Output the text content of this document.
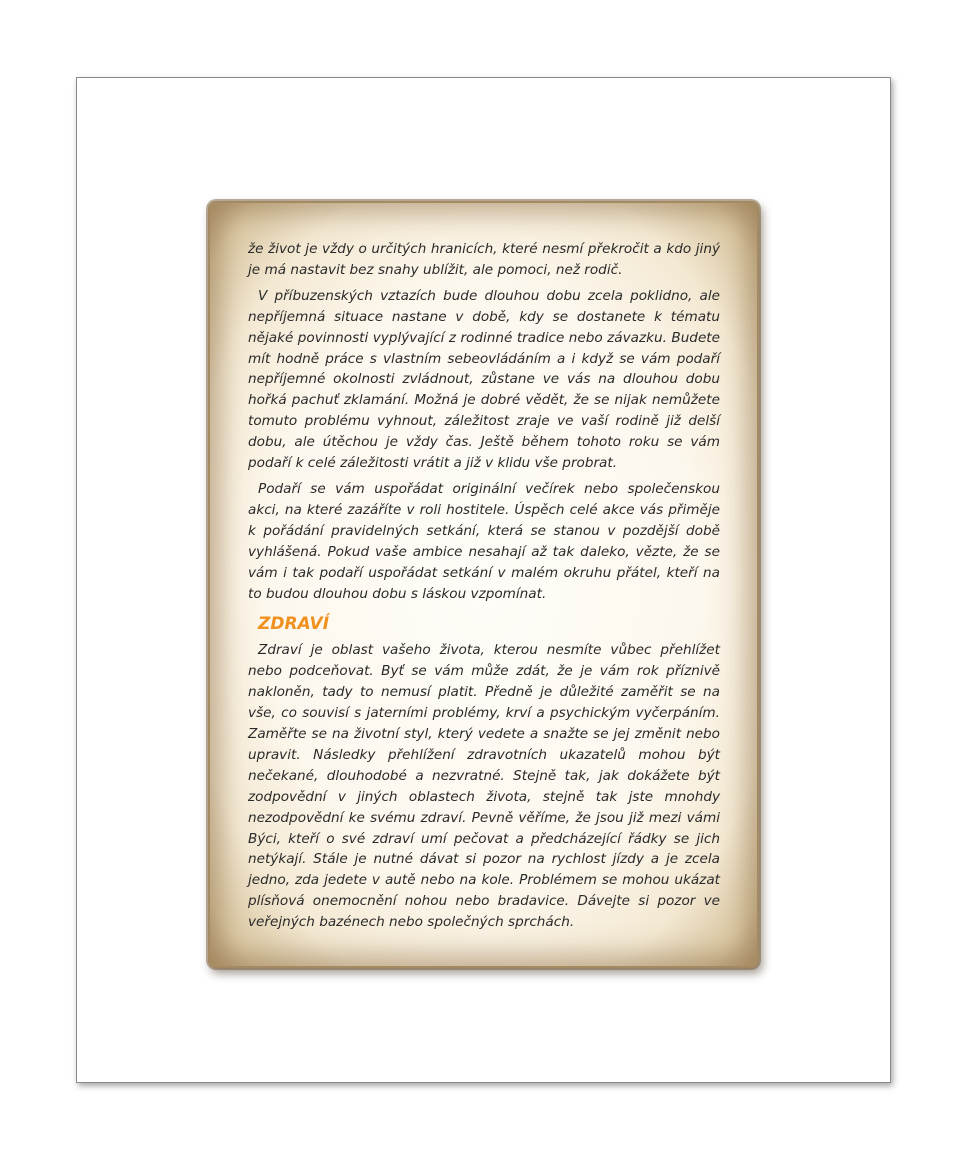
že život je vždy o určitých hranicích, které nesmí překročit a kdo jiný je má nastavit bez snahy ublížit, ale pomoci, než rodič.

V příbuzenských vztazích bude dlouhou dobu zcela poklidno, ale nepříjemná situace nastane v době, kdy se dostanete k tématu nějaké povinnosti vyplývající z rodinné tradice nebo závazku. Budete mít hodně práce s vlastním sebeovládáním a i když se vám podaří nepříjemné okolnosti zvládnout, zůstane ve vás na dlouhou dobu hořká pachuť zklamání. Možná je dobré vědět, že se nijak nemůžete tomuto problému vyhnout, záležitost zraje ve vaší rodině již delší dobu, ale útěchou je vždy čas. Ještě během tohoto roku se vám podaří k celé záležitosti vrátit a již v klidu vše probrat.

Podaří se vám uspořádat originální večírek nebo společenskou akci, na které zazáříte v roli hostitele. Úspěch celé akce vás přiměje k pořádání pravidelných setkání, která se stanou v pozdější době vyhlášená. Pokud vaše ambice nesahají až tak daleko, vězte, že se vám i tak podaří uspořádat setkání v malém okruhu přátel, kteří na to budou dlouhou dobu s láskou vzpomínat.

ZDRAVÍ

Zdraví je oblast vašeho života, kterou nesmíte vůbec přehlížet nebo podceňovat. Byť se vám může zdát, že je vám rok příznivě nakloněn, tady to nemusí platit. Předně je důležité zaměřit se na vše, co souvisí s jaterními problémy, krví a psychickým vyčerpáním. Zaměřte se na životní styl, který vedete a snažte se jej změnit nebo upravit. Následky přehlížení zdravotních ukazatelů mohou být nečekané, dlouhodobé a nezvratné. Stejně tak, jak dokážete být zodpovědní v jiných oblastech života, stejně tak jste mnohdy nezodpovědní ke svému zdraví. Pevně věříme, že jsou již mezi vámi Býci, kteří o své zdraví umí pečovat a předcházející řádky se jich netýkají. Stále je nutné dávat si pozor na rychlost jízdy a je zcela jedno, zda jedete v autě nebo na kole. Problémem se mohou ukázat plísňová onemocnění nohou nebo bradavice. Dávejte si pozor ve veřejných bazénech nebo společných sprchách.
